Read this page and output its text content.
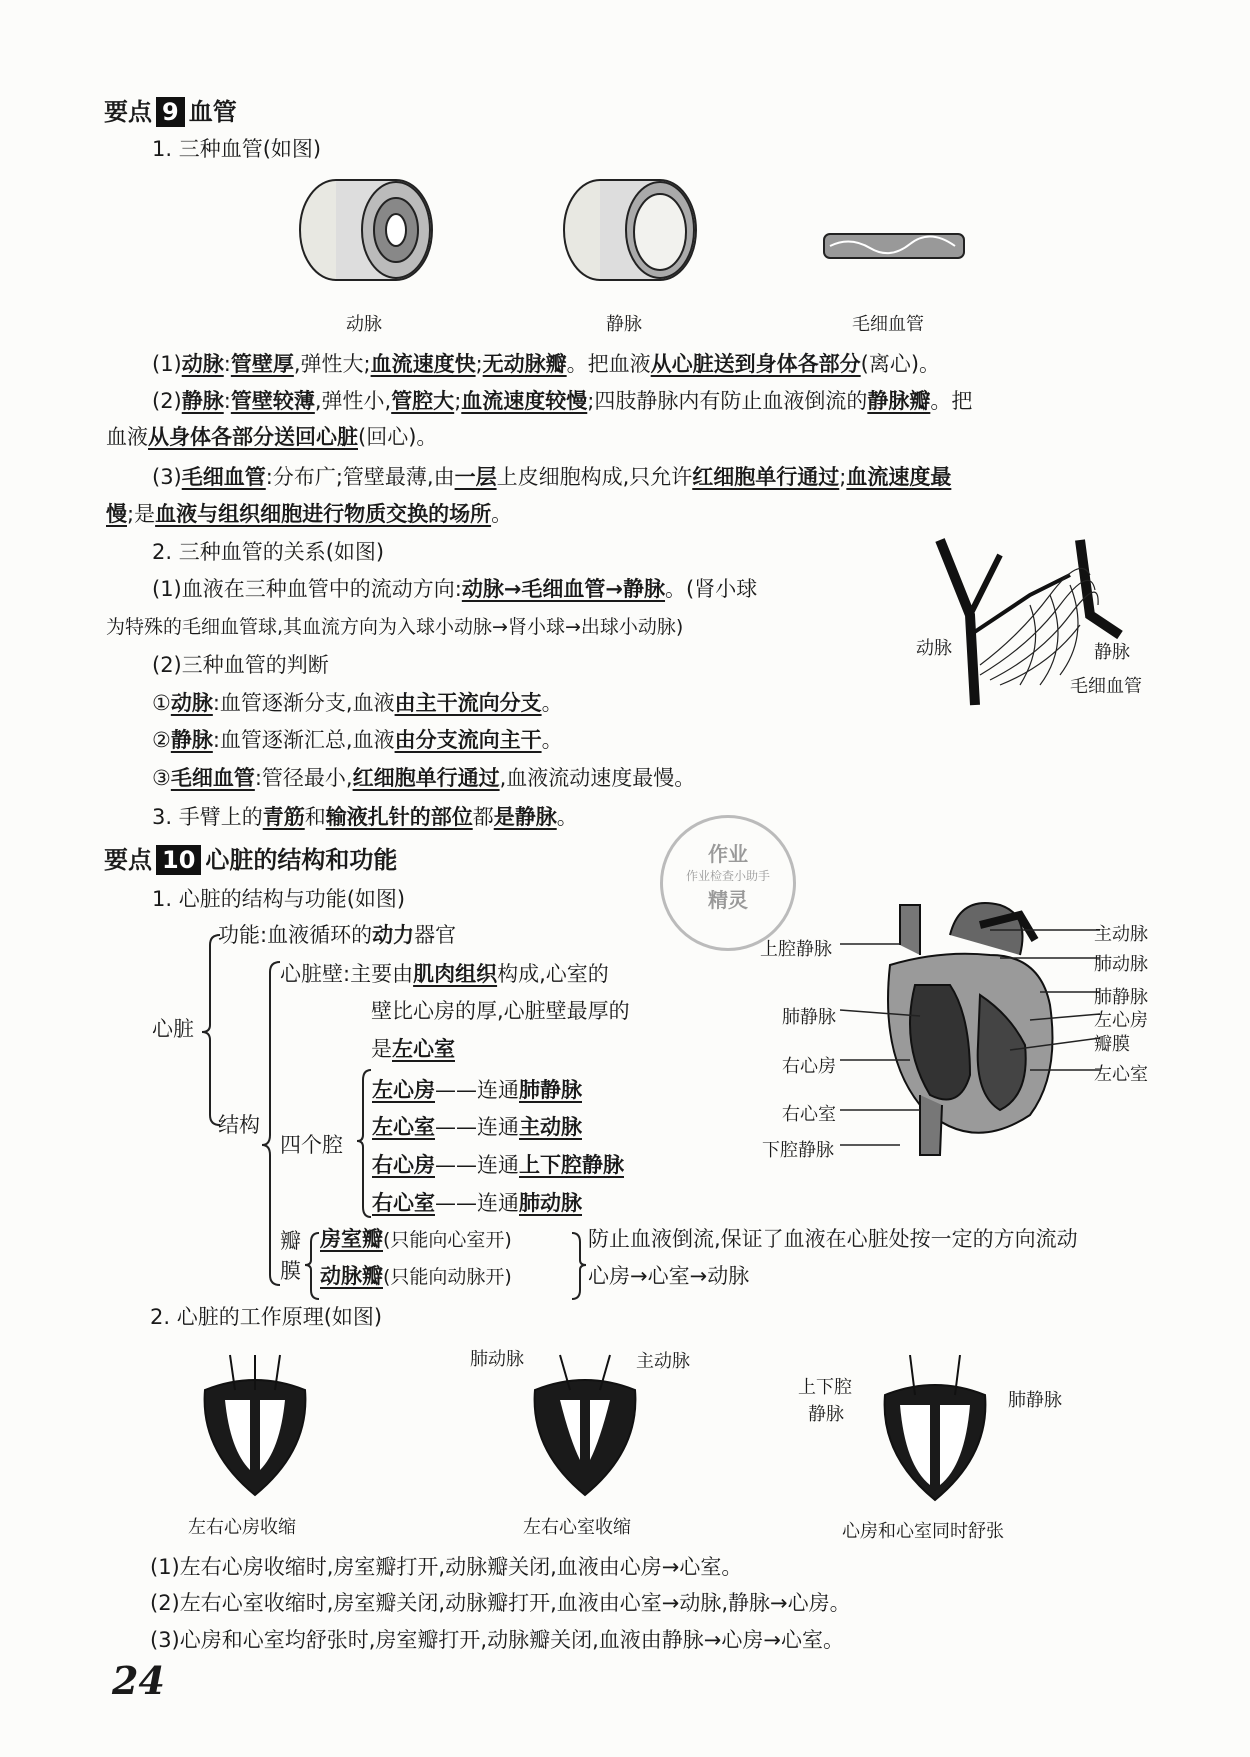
要点 9 血管
1. 三种血管(如图)
动脉	静脉	毛细血管
(1)动脉:管壁厚,弹性大;血流速度快;无动脉瓣。把血液从心脏送到身体各部分(离心)。
(2)静脉:管壁较薄,弹性小,管腔大;血流速度较慢;四肢静脉内有防止血液倒流的静脉瓣。把
血液从身体各部分送回心脏(回心)。
(3)毛细血管:分布广;管壁最薄,由一层上皮细胞构成,只允许红细胞单行通过;血流速度最
慢;是血液与组织细胞进行物质交换的场所。
2. 三种血管的关系(如图)
(1)血液在三种血管中的流动方向:动脉→毛细血管→静脉。(肾小球
为特殊的毛细血管球,其血流方向为入球小动脉→肾小球→出球小动脉)
(2)三种血管的判断
①动脉:血管逐渐分支,血液由主干流向分支。
②静脉:血管逐渐汇总,血液由分支流向主干。
③毛细血管:管径最小,红细胞单行通过,血液流动速度最慢。
3. 手臂上的青筋和输液扎针的部位都是静脉。
动脉	静脉
毛细血管
要点 10 心脏的结构和功能
1. 心脏的结构与功能(如图)
作业
作业检查小助手
精灵
心脏
功能:血液循环的动力器官
结构
心脏壁:主要由肌肉组织构成,心室的
壁比心房的厚,心脏壁最厚的
是左心室
四个腔
左心房——连通肺静脉
左心室——连通主动脉
右心房——连通上下腔静脉
右心室——连通肺动脉
瓣膜
房室瓣(只能向心室开)
动脉瓣(只能向动脉开)
防止血液倒流,保证了血液在心脏处按一定的方向流动
心房→心室→动脉
上腔静脉
肺静脉
右心房
右心室
下腔静脉
主动脉
肺动脉
肺静脉
左心房
瓣膜
左心室
2. 心脏的工作原理(如图)
肺动脉	主动脉
上下腔
静脉
肺静脉
左右心房收缩	左右心室收缩	心房和心室同时舒张
(1)左右心房收缩时,房室瓣打开,动脉瓣关闭,血液由心房→心室。
(2)左右心室收缩时,房室瓣关闭,动脉瓣打开,血液由心室→动脉,静脉→心房。
(3)心房和心室均舒张时,房室瓣打开,动脉瓣关闭,血液由静脉→心房→心室。
24
